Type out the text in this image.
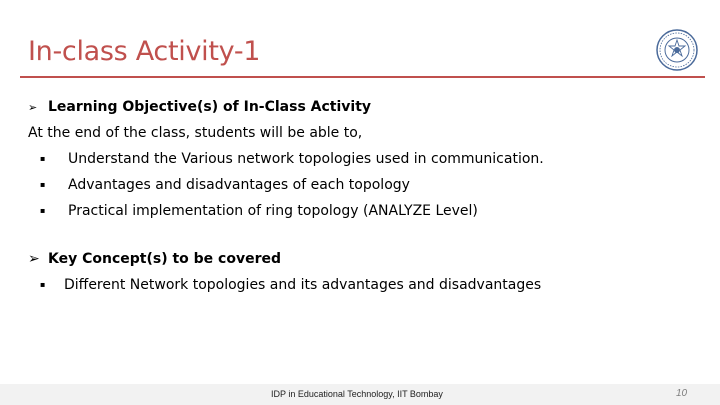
In-class Activity-1
➢ Learning Objective(s) of In-Class Activity
At the end of the class, students will be able to,
▪ Understand the Various network topologies used in communication.
▪ Advantages and disadvantages of each topology
▪ Practical implementation of ring topology (ANALYZE Level)
➢ Key Concept(s) to be covered
▪ Different Network topologies and its advantages and disadvantages
IDP in Educational Technology, IIT Bombay	10
